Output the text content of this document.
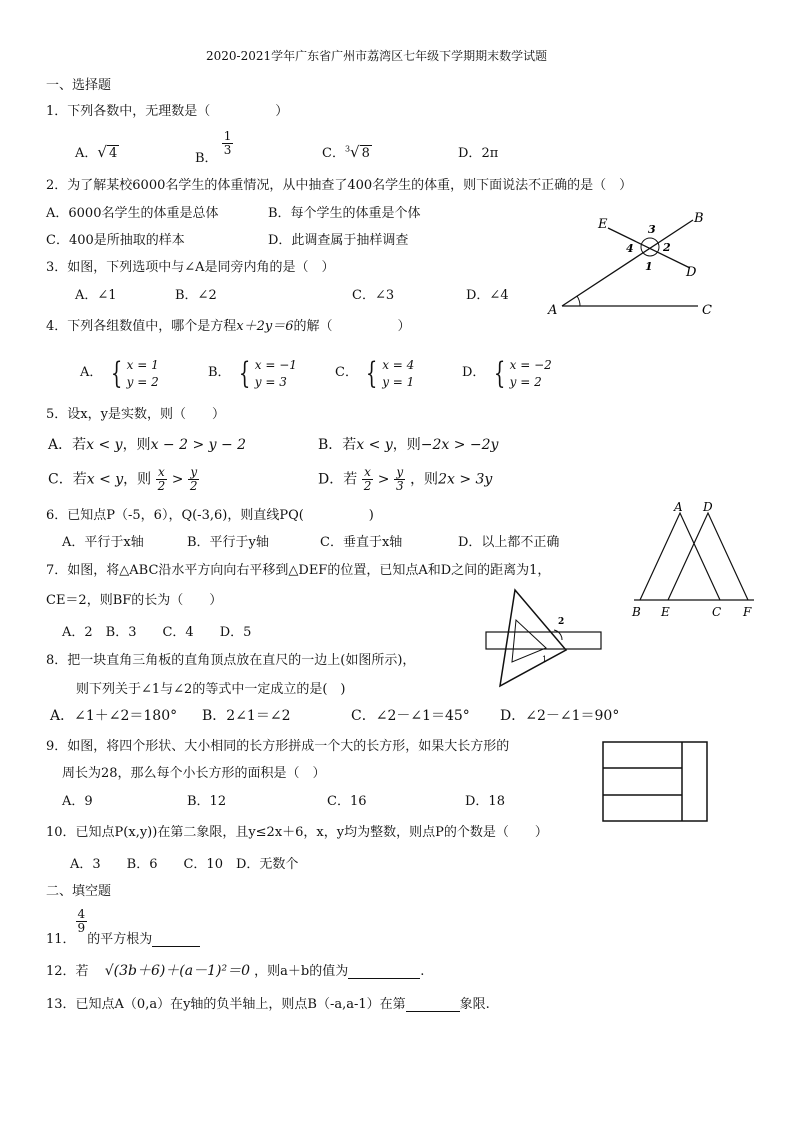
2020-2021学年广东省广州市荔湾区七年级下学期期末数学试题
一、选择题
1．下列各数中，无理数是（　　　　　）
A．√ 4	B．
$\frac{1}{3}$	C．$^3$√ 8	D．2π
2．为了解某校6000名学生的体重情况，从中抽查了400名学生的体重，则下面说法不正确的是（　）
A．6000名学生的体重是总体	B．每个学生的体重是个体
C．400是所抽取的样本	D．此调查属于抽样调查
E	B
D
A	C
3
2
4
1
3．如图，下列选项中与∠A是同旁内角的是（　）
A．∠1	B．∠2	C．∠3	D．∠4
4．下列各组数值中，哪个是方程x＋2y＝6的解（　　　　　）
A． { x = 1
y = 2
B． { x = −1
y = 3
C． { x = 4
y = 1
D． { x = −2
y = 2
5．设x，y是实数，则（　　）
A．若x < y，则x − 2 > y − 2	B．若x < y，则−2x > −2y
C．若x < y，则 $\frac{x}{2} > \frac{y}{2}$	D．若 $\frac{x}{2} > \frac{y}{3}$ ，则2x > 3y
A D
B E	C F
6．已知点P（-5，6），Q(-3,6)，则直线PQ(　　　　　)
A．平行于x轴	B．平行于y轴	C．垂直于x轴	D．以上都不正确
7．如图，将△ABC沿水平方向向右平移到△DEF的位置，已知点A和D之间的距离为1，
CE＝2，则BF的长为（　　）
A．2　B．3　　C．4　　D．5
2
1
8．把一块直角三角板的直角顶点放在直尺的一边上(如图所示)，
则下列关于∠1与∠2的等式中一定成立的是(　)
A．∠1＋∠2＝180° B．2∠1＝∠2	C．∠2－∠1＝45° D．∠2－∠1＝90°
9．如图，将四个形状、大小相同的长方形拼成一个大的长方形，如果大长方形的
周长为28，那么每个小长方形的面积是（　）
A．9	B．12	C．16	D．18
10．已知点P(x,y))在第二象限，且y≤2x＋6，x，y均为整数，则点P的个数是（　　）
A．3　　B．6　　C．10　D．无数个
二、填空题
11．
$\frac{4}{9}$
的平方根为
12．若 √(3b＋6)＋(a－1)²＝0 ，则a＋b的值为	.
13．已知点A（0,a）在y轴的负半轴上，则点B（-a,a-1）在第	象限.
